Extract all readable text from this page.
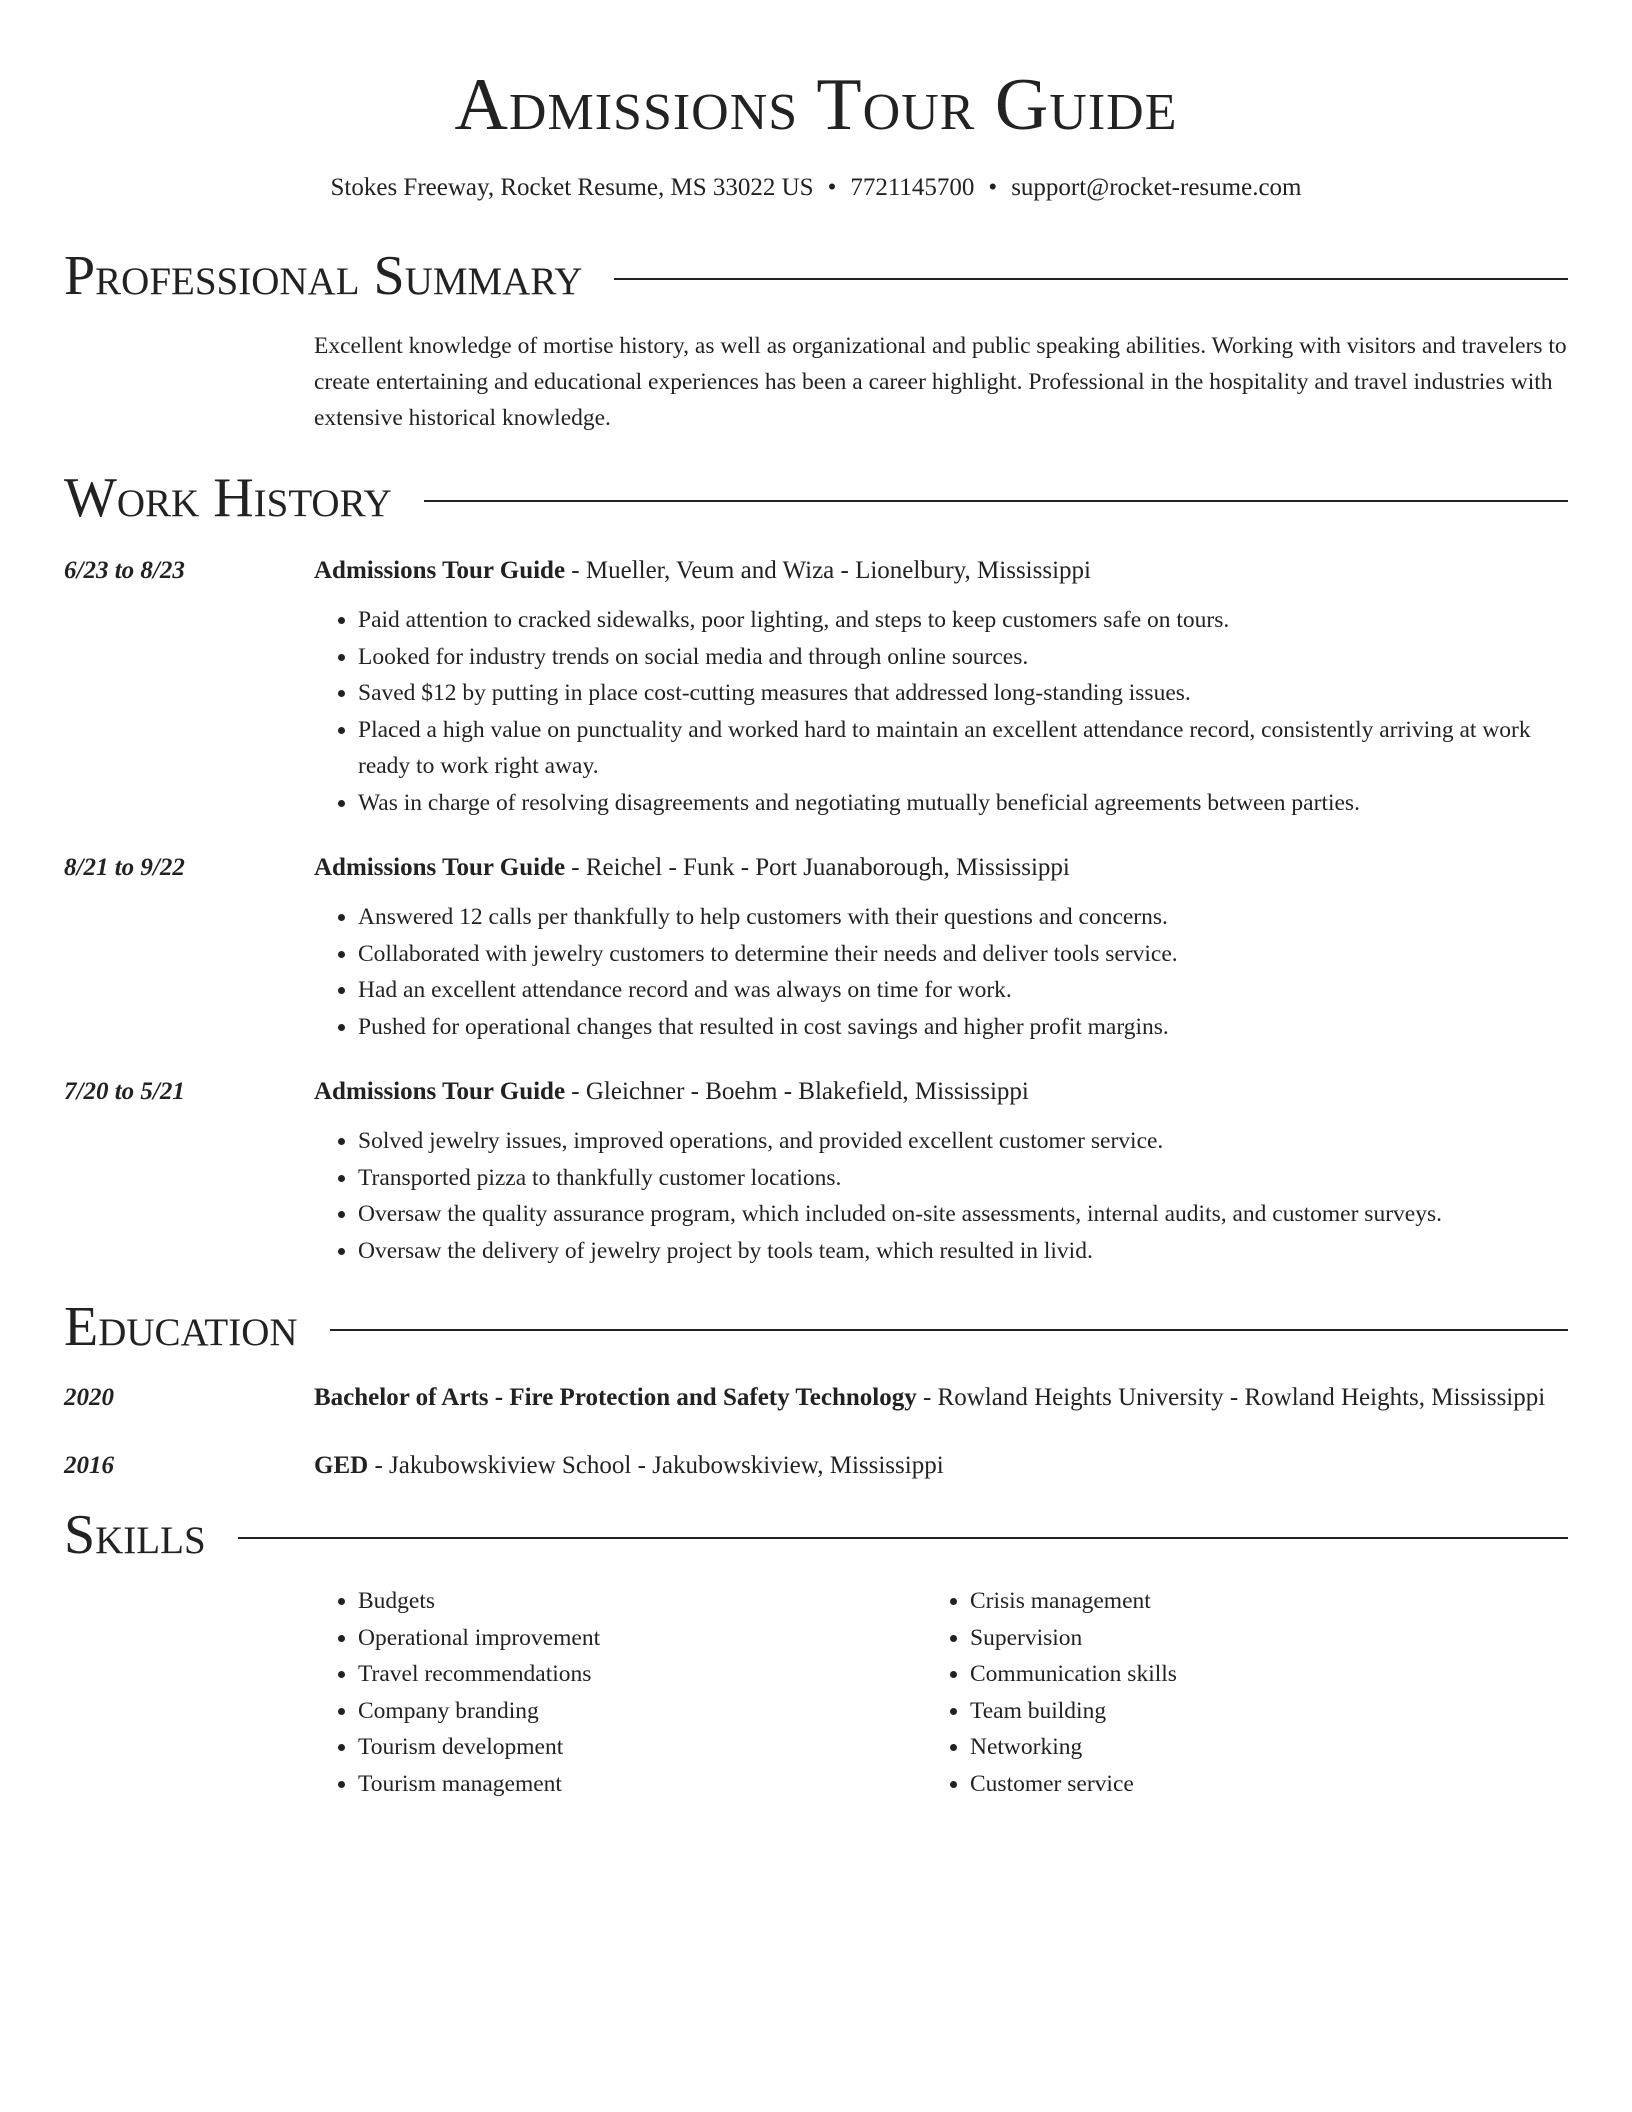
Admissions Tour Guide
Stokes Freeway, Rocket Resume, MS 33022 US • 7721145700 • support@rocket-resume.com
Professional Summary
Excellent knowledge of mortise history, as well as organizational and public speaking abilities. Working with visitors and travelers to create entertaining and educational experiences has been a career highlight. Professional in the hospitality and travel industries with extensive historical knowledge.
Work History
6/23 to 8/23	Admissions Tour Guide - Mueller, Veum and Wiza - Lionelbury, Mississippi
• Paid attention to cracked sidewalks, poor lighting, and steps to keep customers safe on tours.
• Looked for industry trends on social media and through online sources.
• Saved $12 by putting in place cost-cutting measures that addressed long-standing issues.
• Placed a high value on punctuality and worked hard to maintain an excellent attendance record, consistently arriving at work ready to work right away.
• Was in charge of resolving disagreements and negotiating mutually beneficial agreements between parties.
8/21 to 9/22	Admissions Tour Guide - Reichel - Funk - Port Juanaborough, Mississippi
• Answered 12 calls per thankfully to help customers with their questions and concerns.
• Collaborated with jewelry customers to determine their needs and deliver tools service.
• Had an excellent attendance record and was always on time for work.
• Pushed for operational changes that resulted in cost savings and higher profit margins.
7/20 to 5/21	Admissions Tour Guide - Gleichner - Boehm - Blakefield, Mississippi
• Solved jewelry issues, improved operations, and provided excellent customer service.
• Transported pizza to thankfully customer locations.
• Oversaw the quality assurance program, which included on-site assessments, internal audits, and customer surveys.
• Oversaw the delivery of jewelry project by tools team, which resulted in livid.
Education
2020	Bachelor of Arts - Fire Protection and Safety Technology - Rowland Heights University - Rowland Heights, Mississippi
2016	GED - Jakubowskiview School - Jakubowskiview, Mississippi
Skills
• Budgets
• Operational improvement
• Travel recommendations
• Company branding
• Tourism development
• Tourism management
• Crisis management
• Supervision
• Communication skills
• Team building
• Networking
• Customer service
